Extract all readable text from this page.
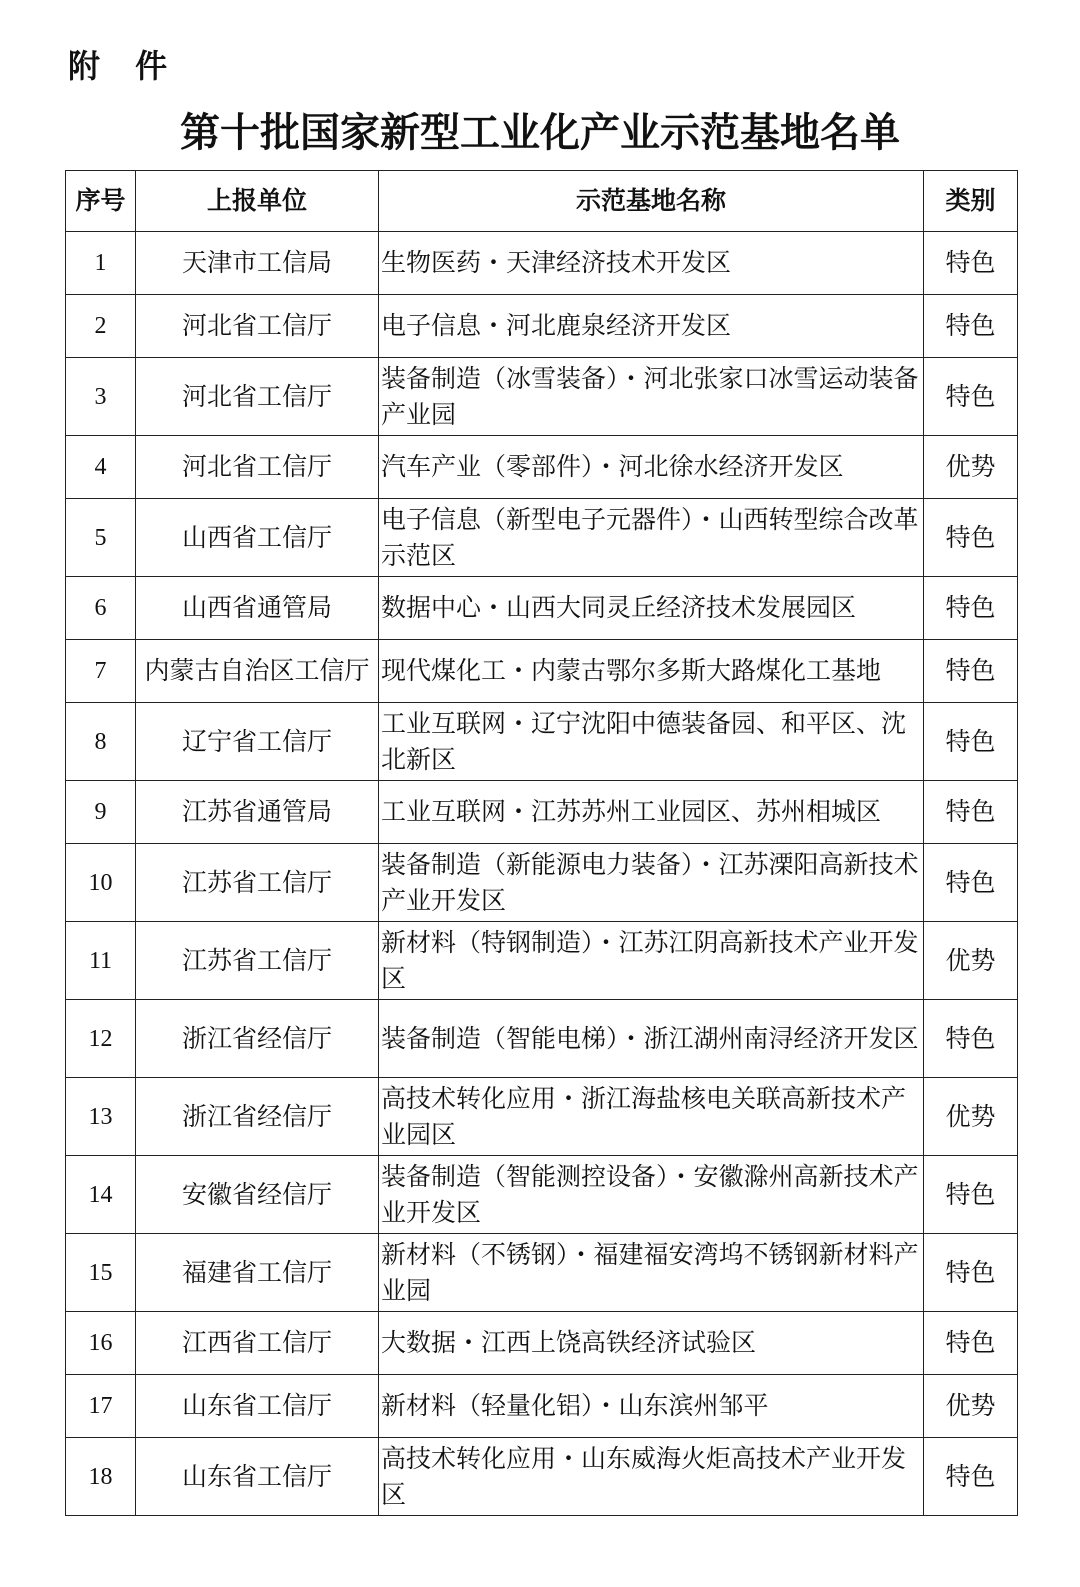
附 件
第十批国家新型工业化产业示范基地名单
序号	上报单位	示范基地名称	类别
1	天津市工信局	生物医药・天津经济技术开发区	特色
2	河北省工信厅	电子信息・河北鹿泉经济开发区	特色
3	河北省工信厅	装备制造（冰雪装备）・河北张家口冰雪运动装备产业园	特色
4	河北省工信厅	汽车产业（零部件）・河北徐水经济开发区	优势
5	山西省工信厅	电子信息（新型电子元器件）・山西转型综合改革示范区	特色
6	山西省通管局	数据中心・山西大同灵丘经济技术发展园区	特色
7	内蒙古自治区工信厅	现代煤化工・内蒙古鄂尔多斯大路煤化工基地	特色
8	辽宁省工信厅	工业互联网・辽宁沈阳中德装备园、和平区、沈北新区	特色
9	江苏省通管局	工业互联网・江苏苏州工业园区、苏州相城区	特色
10	江苏省工信厅	装备制造（新能源电力装备）・江苏溧阳高新技术产业开发区	特色
11	江苏省工信厅	新材料（特钢制造）・江苏江阴高新技术产业开发区	优势
12	浙江省经信厅	装备制造（智能电梯）・浙江湖州南浔经济开发区	特色
13	浙江省经信厅	高技术转化应用・浙江海盐核电关联高新技术产业园区	优势
14	安徽省经信厅	装备制造（智能测控设备）・安徽滁州高新技术产业开发区	特色
15	福建省工信厅	新材料（不锈钢）・福建福安湾坞不锈钢新材料产业园	特色
16	江西省工信厅	大数据・江西上饶高铁经济试验区	特色
17	山东省工信厅	新材料（轻量化铝）・山东滨州邹平	优势
18	山东省工信厅	高技术转化应用・山东威海火炬高技术产业开发区	特色
